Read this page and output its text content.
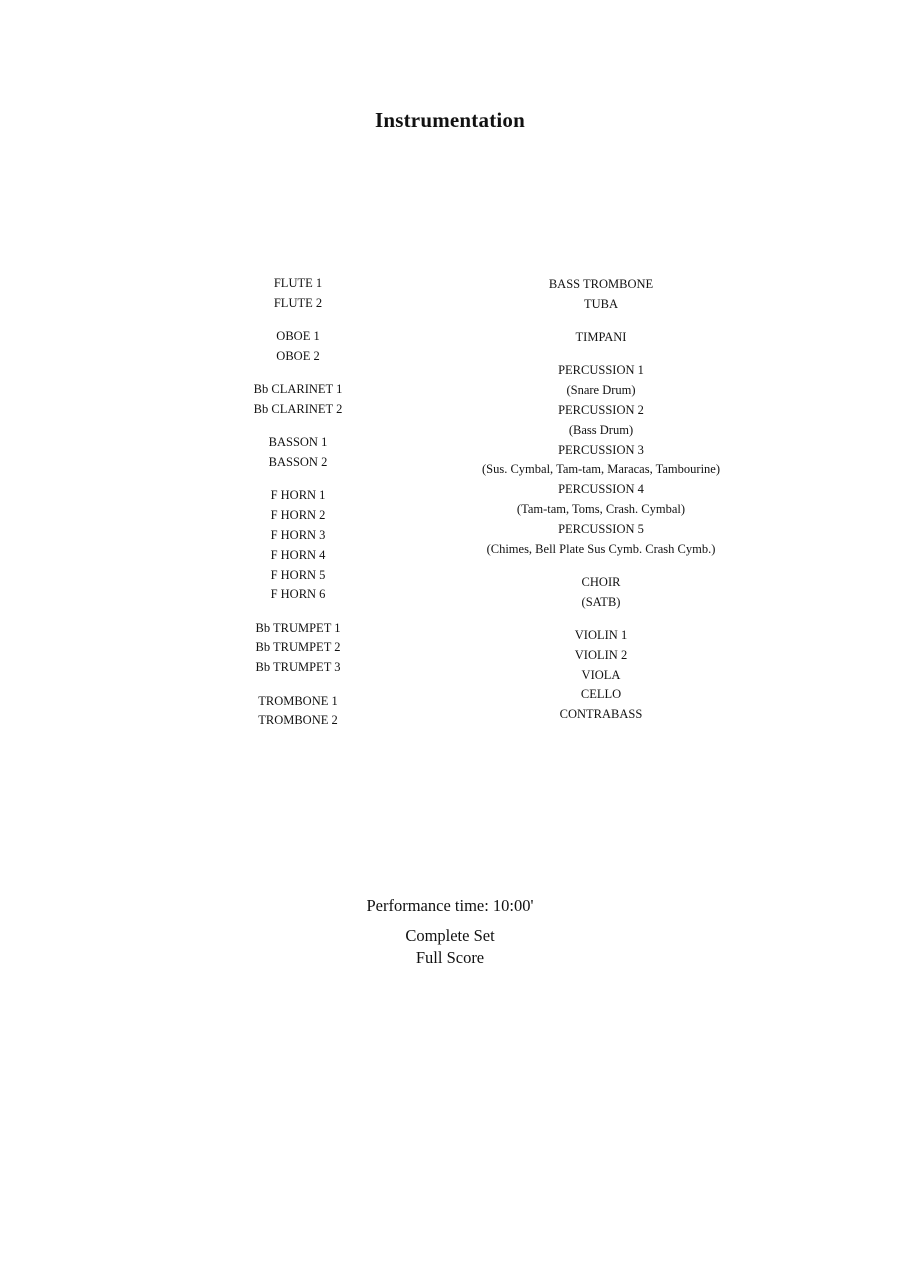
Instrumentation
FLUTE 1
FLUTE 2
OBOE 1
OBOE 2
Bb CLARINET 1
Bb CLARINET 2
BASSON 1
BASSON 2
F HORN 1
F HORN 2
F HORN 3
F HORN 4
F HORN 5
F HORN 6
Bb TRUMPET 1
Bb TRUMPET 2
Bb TRUMPET 3
TROMBONE 1
TROMBONE 2
BASS TROMBONE
TUBA
TIMPANI
PERCUSSION 1
(Snare Drum)
PERCUSSION 2
(Bass Drum)
PERCUSSION 3
(Sus. Cymbal, Tam-tam, Maracas, Tambourine)
PERCUSSION 4
(Tam-tam, Toms, Crash. Cymbal)
PERCUSSION 5
(Chimes, Bell Plate Sus Cymb. Crash Cymb.)
CHOIR
(SATB)
VIOLIN 1
VIOLIN 2
VIOLA
CELLO
CONTRABASS
Performance time: 10:00'
Complete Set
Full Score
